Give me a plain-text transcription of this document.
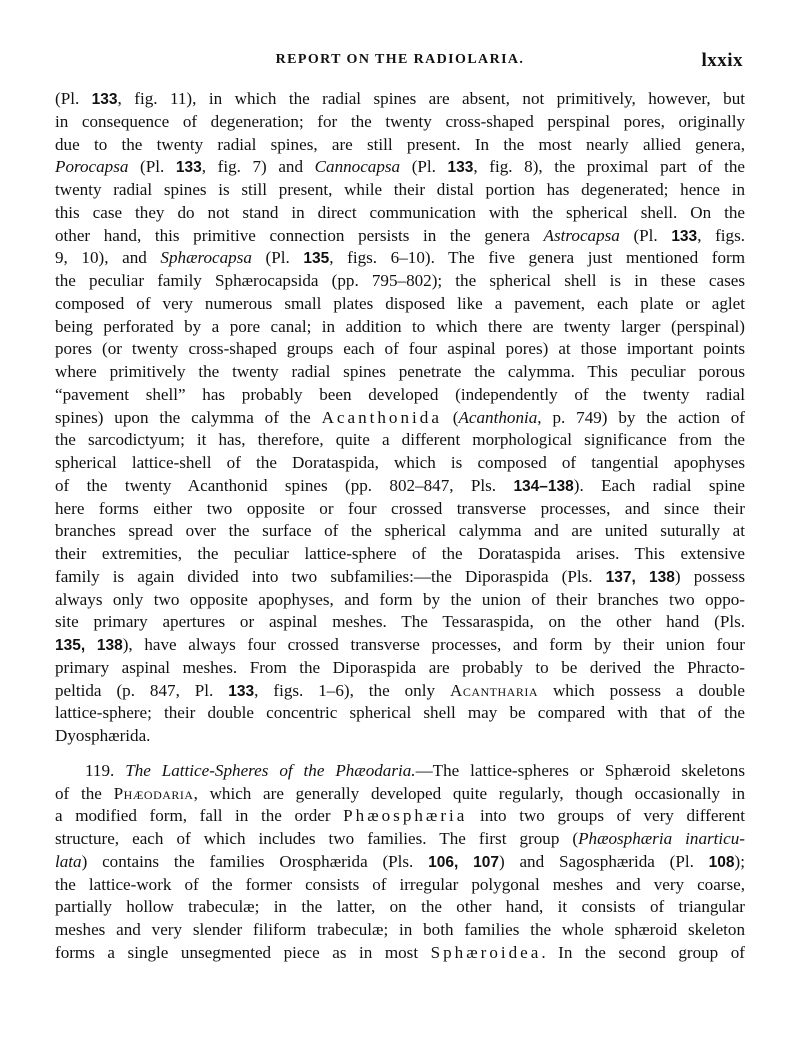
REPORT ON THE RADIOLARIA.	lxxix
(Pl. 133, fig. 11), in which the radial spines are absent, not primitively, however, but
in consequence of degeneration; for the twenty cross-shaped perspinal pores, originally
due to the twenty radial spines, are still present. In the most nearly allied genera,
Porocapsa (Pl. 133, fig. 7) and Cannocapsa (Pl. 133, fig. 8), the proximal part of the
twenty radial spines is still present, while their distal portion has degenerated; hence in
this case they do not stand in direct communication with the spherical shell. On the
other hand, this primitive connection persists in the genera Astrocapsa (Pl. 133, figs.
9, 10), and Sphærocapsa (Pl. 135, figs. 6–10). The five genera just mentioned form
the peculiar family Sphærocapsida (pp. 795–802); the spherical shell is in these cases
composed of very numerous small plates disposed like a pavement, each plate or aglet
being perforated by a pore canal; in addition to which there are twenty larger (perspinal)
pores (or twenty cross-shaped groups each of four aspinal pores) at those important points
where primitively the twenty radial spines penetrate the calymma. This peculiar porous
“pavement shell” has probably been developed (independently of the twenty radial
spines) upon the calymma of the Acanthonida (Acanthonia, p. 749) by the action of
the sarcodictyum; it has, therefore, quite a different morphological significance from the
spherical lattice-shell of the Dorataspida, which is composed of tangential apophyses
of the twenty Acanthonid spines (pp. 802–847, Pls. 134–138). Each radial spine
here forms either two opposite or four crossed transverse processes, and since their
branches spread over the surface of the spherical calymma and are united suturally at
their extremities, the peculiar lattice-sphere of the Dorataspida arises. This extensive
family is again divided into two subfamilies:—the Diporaspida (Pls. 137, 138) possess
always only two opposite apophyses, and form by the union of their branches two oppo-
site primary apertures or aspinal meshes. The Tessaraspida, on the other hand (Pls.
135, 138), have always four crossed transverse processes, and form by their union four
primary aspinal meshes. From the Diporaspida are probably to be derived the Phracto-
peltida (p. 847, Pl. 133, figs. 1–6), the only Acantharia which possess a double
lattice-sphere; their double concentric spherical shell may be compared with that of the
Dyosphærida.
119. The Lattice-Spheres of the Phæodaria.—The lattice-spheres or Sphæroid skeletons
of the Phæodaria, which are generally developed quite regularly, though occasionally in
a modified form, fall in the order Phæosphæria into two groups of very different
structure, each of which includes two families. The first group (Phæosphæria inarticu-
lata) contains the families Orosphærida (Pls. 106, 107) and Sagosphærida (Pl. 108);
the lattice-work of the former consists of irregular polygonal meshes and very coarse,
partially hollow trabeculæ; in the latter, on the other hand, it consists of triangular
meshes and very slender filiform trabeculæ; in both families the whole sphæroid skeleton
forms a single unsegmented piece as in most Sphæroidea. In the second group of
